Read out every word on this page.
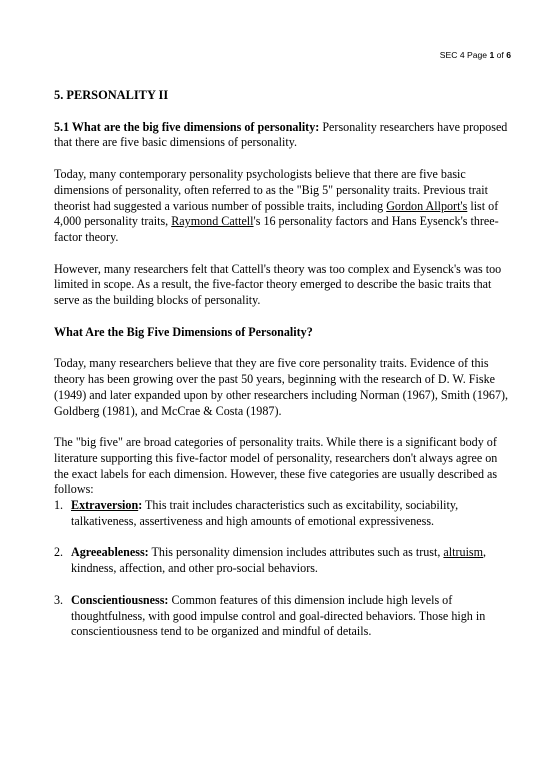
SEC 4 Page 1 of 6
5. PERSONALITY II

5.1 What are the big five dimensions of personality: Personality researchers have proposed that there are five basic dimensions of personality.

Today, many contemporary personality psychologists believe that there are five basic dimensions of personality, often referred to as the "Big 5" personality traits. Previous trait theorist had suggested a various number of possible traits, including Gordon Allport's list of 4,000 personality traits, Raymond Cattell's 16 personality factors and Hans Eysenck's three-factor theory.

However, many researchers felt that Cattell's theory was too complex and Eysenck's was too limited in scope. As a result, the five-factor theory emerged to describe the basic traits that serve as the building blocks of personality.

What Are the Big Five Dimensions of Personality?

Today, many researchers believe that they are five core personality traits. Evidence of this theory has been growing over the past 50 years, beginning with the research of D. W. Fiske (1949) and later expanded upon by other researchers including Norman (1967), Smith (1967), Goldberg (1981), and McCrae & Costa (1987).

The "big five" are broad categories of personality traits. While there is a significant body of literature supporting this five-factor model of personality, researchers don't always agree on the exact labels for each dimension. However, these five categories are usually described as follows:

1. Extraversion: This trait includes characteristics such as excitability, sociability, talkativeness, assertiveness and high amounts of emotional expressiveness.
2. Agreeableness: This personality dimension includes attributes such as trust, altruism, kindness, affection, and other pro-social behaviors.
3. Conscientiousness: Common features of this dimension include high levels of thoughtfulness, with good impulse control and goal-directed behaviors. Those high in conscientiousness tend to be organized and mindful of details.
